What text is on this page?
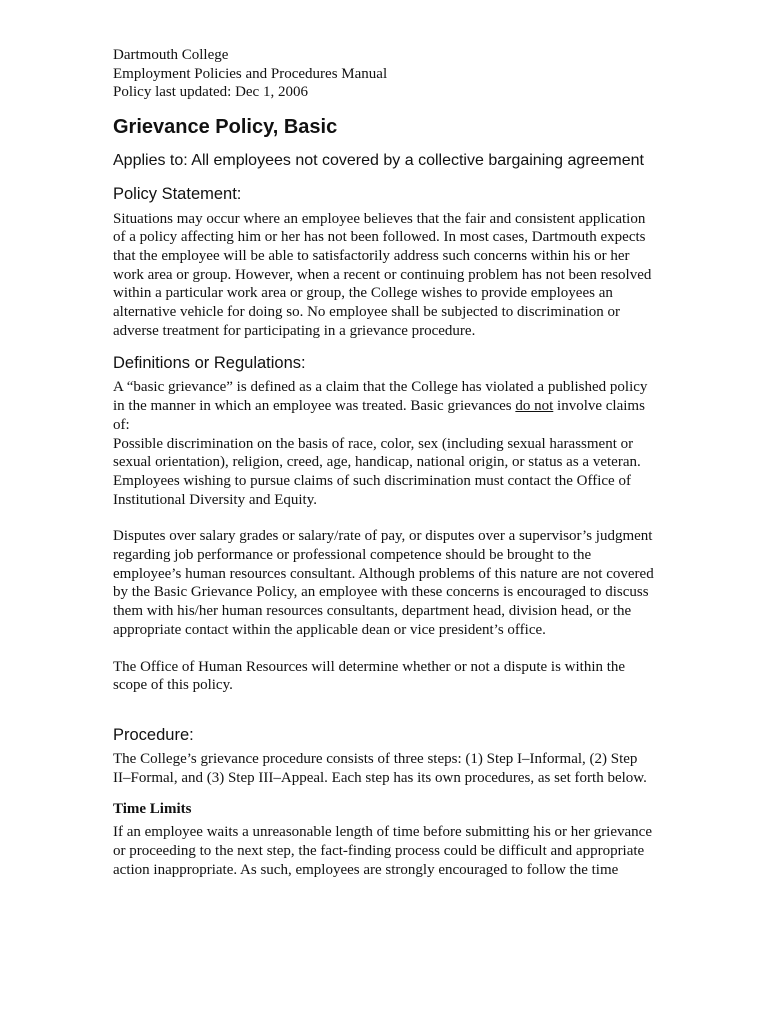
Dartmouth College

Employment Policies and Procedures Manual

Policy last updated: Dec 1, 2006

Grievance Policy, Basic

Applies to: All employees not covered by a collective bargaining agreement

Policy Statement:

Situations may occur where an employee believes that the fair and consistent application of a policy affecting him or her has not been followed. In most cases, Dartmouth expects that the employee will be able to satisfactorily address such concerns within his or her work area or group. However, when a recent or continuing problem has not been resolved within a particular work area or group, the College wishes to provide employees an alternative vehicle for doing so. No employee shall be subjected to discrimination or adverse treatment for participating in a grievance procedure.

Definitions or Regulations:

A “basic grievance” is defined as a claim that the College has violated a published policy in the manner in which an employee was treated. Basic grievances do not involve claims of:

Possible discrimination on the basis of race, color, sex (including sexual harassment or sexual orientation), religion, creed, age, handicap, national origin, or status as a veteran. Employees wishing to pursue claims of such discrimination must contact the Office of Institutional Diversity and Equity.

Disputes over salary grades or salary/rate of pay, or disputes over a supervisor’s judgment regarding job performance or professional competence should be brought to the employee’s human resources consultant. Although problems of this nature are not covered by the Basic Grievance Policy, an employee with these concerns is encouraged to discuss them with his/her human resources consultants, department head, division head, or the appropriate contact within the applicable dean or vice president’s office.

The Office of Human Resources will determine whether or not a dispute is within the scope of this policy.

Procedure:

The College’s grievance procedure consists of three steps: (1) Step I–Informal, (2) Step II–Formal, and (3) Step III–Appeal. Each step has its own procedures, as set forth below.

Time Limits

If an employee waits a unreasonable length of time before submitting his or her grievance or proceeding to the next step, the fact-finding process could be difficult and appropriate action inappropriate. As such, employees are strongly encouraged to follow the time
